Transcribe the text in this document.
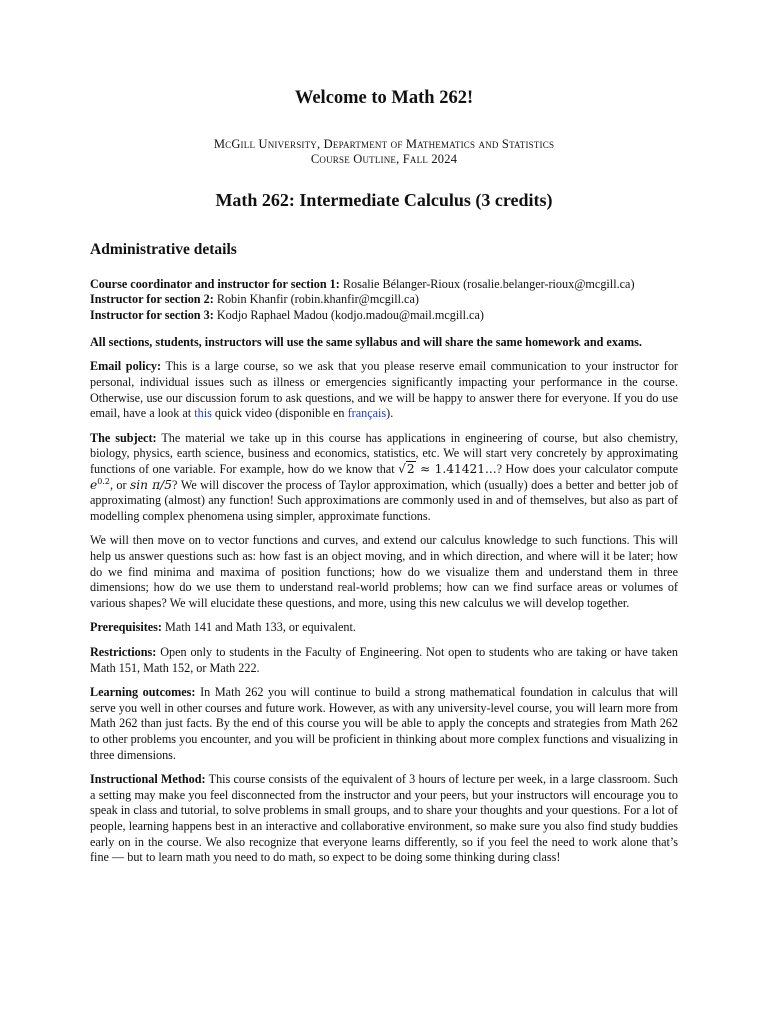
Welcome to Math 262!
McGill University, Department of Mathematics and Statistics
Course Outline, Fall 2024
Math 262: Intermediate Calculus (3 credits)
Administrative details
Course coordinator and instructor for section 1: Rosalie Bélanger-Rioux (rosalie.belanger-rioux@mcgill.ca)
Instructor for section 2: Robin Khanfir (robin.khanfir@mcgill.ca)
Instructor for section 3: Kodjo Raphael Madou (kodjo.madou@mail.mcgill.ca)

All sections, students, instructors will use the same syllabus and will share the same homework and exams.

Email policy: This is a large course, so we ask that you please reserve email communication to your instructor for personal, individual issues such as illness or emergencies significantly impacting your performance in the course. Otherwise, use our discussion forum to ask questions, and we will be happy to answer there for everyone. If you do use email, have a look at this quick video (disponible en français).

The subject: The material we take up in this course has applications in engineering of course, but also chemistry, biology, physics, earth science, business and economics, statistics, etc. We will start very concretely by approximating functions of one variable. For example, how do we know that √2 ≈ 1.41421...? How does your calculator compute $e^{0.2}$, or sin π/5? We will discover the process of Taylor approximation, which (usually) does a better and better job of approximating (almost) any function! Such approximations are commonly used in and of themselves, but also as part of modelling complex phenomena using simpler, approximate functions.

We will then move on to vector functions and curves, and extend our calculus knowledge to such functions. This will help us answer questions such as: how fast is an object moving, and in which direction, and where will it be later; how do we find minima and maxima of position functions; how do we visualize them and understand them in three dimensions; how do we use them to understand real-world problems; how can we find surface areas or volumes of various shapes? We will elucidate these questions, and more, using this new calculus we will develop together.

Prerequisites: Math 141 and Math 133, or equivalent.

Restrictions: Open only to students in the Faculty of Engineering. Not open to students who are taking or have taken Math 151, Math 152, or Math 222.

Learning outcomes: In Math 262 you will continue to build a strong mathematical foundation in calculus that will serve you well in other courses and future work. However, as with any university-level course, you will learn more from Math 262 than just facts. By the end of this course you will be able to apply the concepts and strategies from Math 262 to other problems you encounter, and you will be proficient in thinking about more complex functions and visualizing in three dimensions.

Instructional Method: This course consists of the equivalent of 3 hours of lecture per week, in a large classroom. Such a setting may make you feel disconnected from the instructor and your peers, but your instructors will encourage you to speak in class and tutorial, to solve problems in small groups, and to share your thoughts and your questions. For a lot of people, learning happens best in an interactive and collaborative environment, so make sure you also find study buddies early on in the course. We also recognize that everyone learns differently, so if you feel the need to work alone that’s fine — but to learn math you need to do math, so expect to be doing some thinking during class!
